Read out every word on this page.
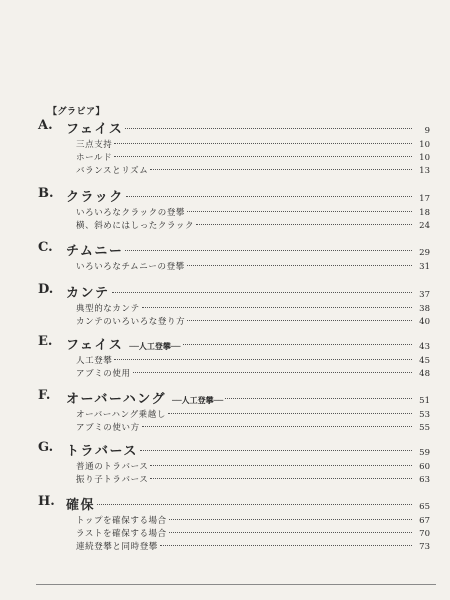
【グラビア】
A. フェイス	9
三点支持	10
ホールド	10
バランスとリズム	13
B. クラック	17
いろいろなクラックの登攀	18
横、斜めにはしったクラック	24
C. チムニー	29
いろいろなチムニーの登攀	31
D. カンテ	37
典型的なカンテ	38
カンテのいろいろな登り方	40
E. フェイス ──人工登攀──	43
人工登攀	45
アブミの使用	48
F. オーバーハング ──人工登攀──	51
オーバーハング乗越し	53
アブミの使い方	55
G. トラバース	59
普通のトラバース	60
振り子トラバース	63
H. 確保	65
トップを確保する場合	67
ラストを確保する場合	70
連続登攀と同時登攀	73
